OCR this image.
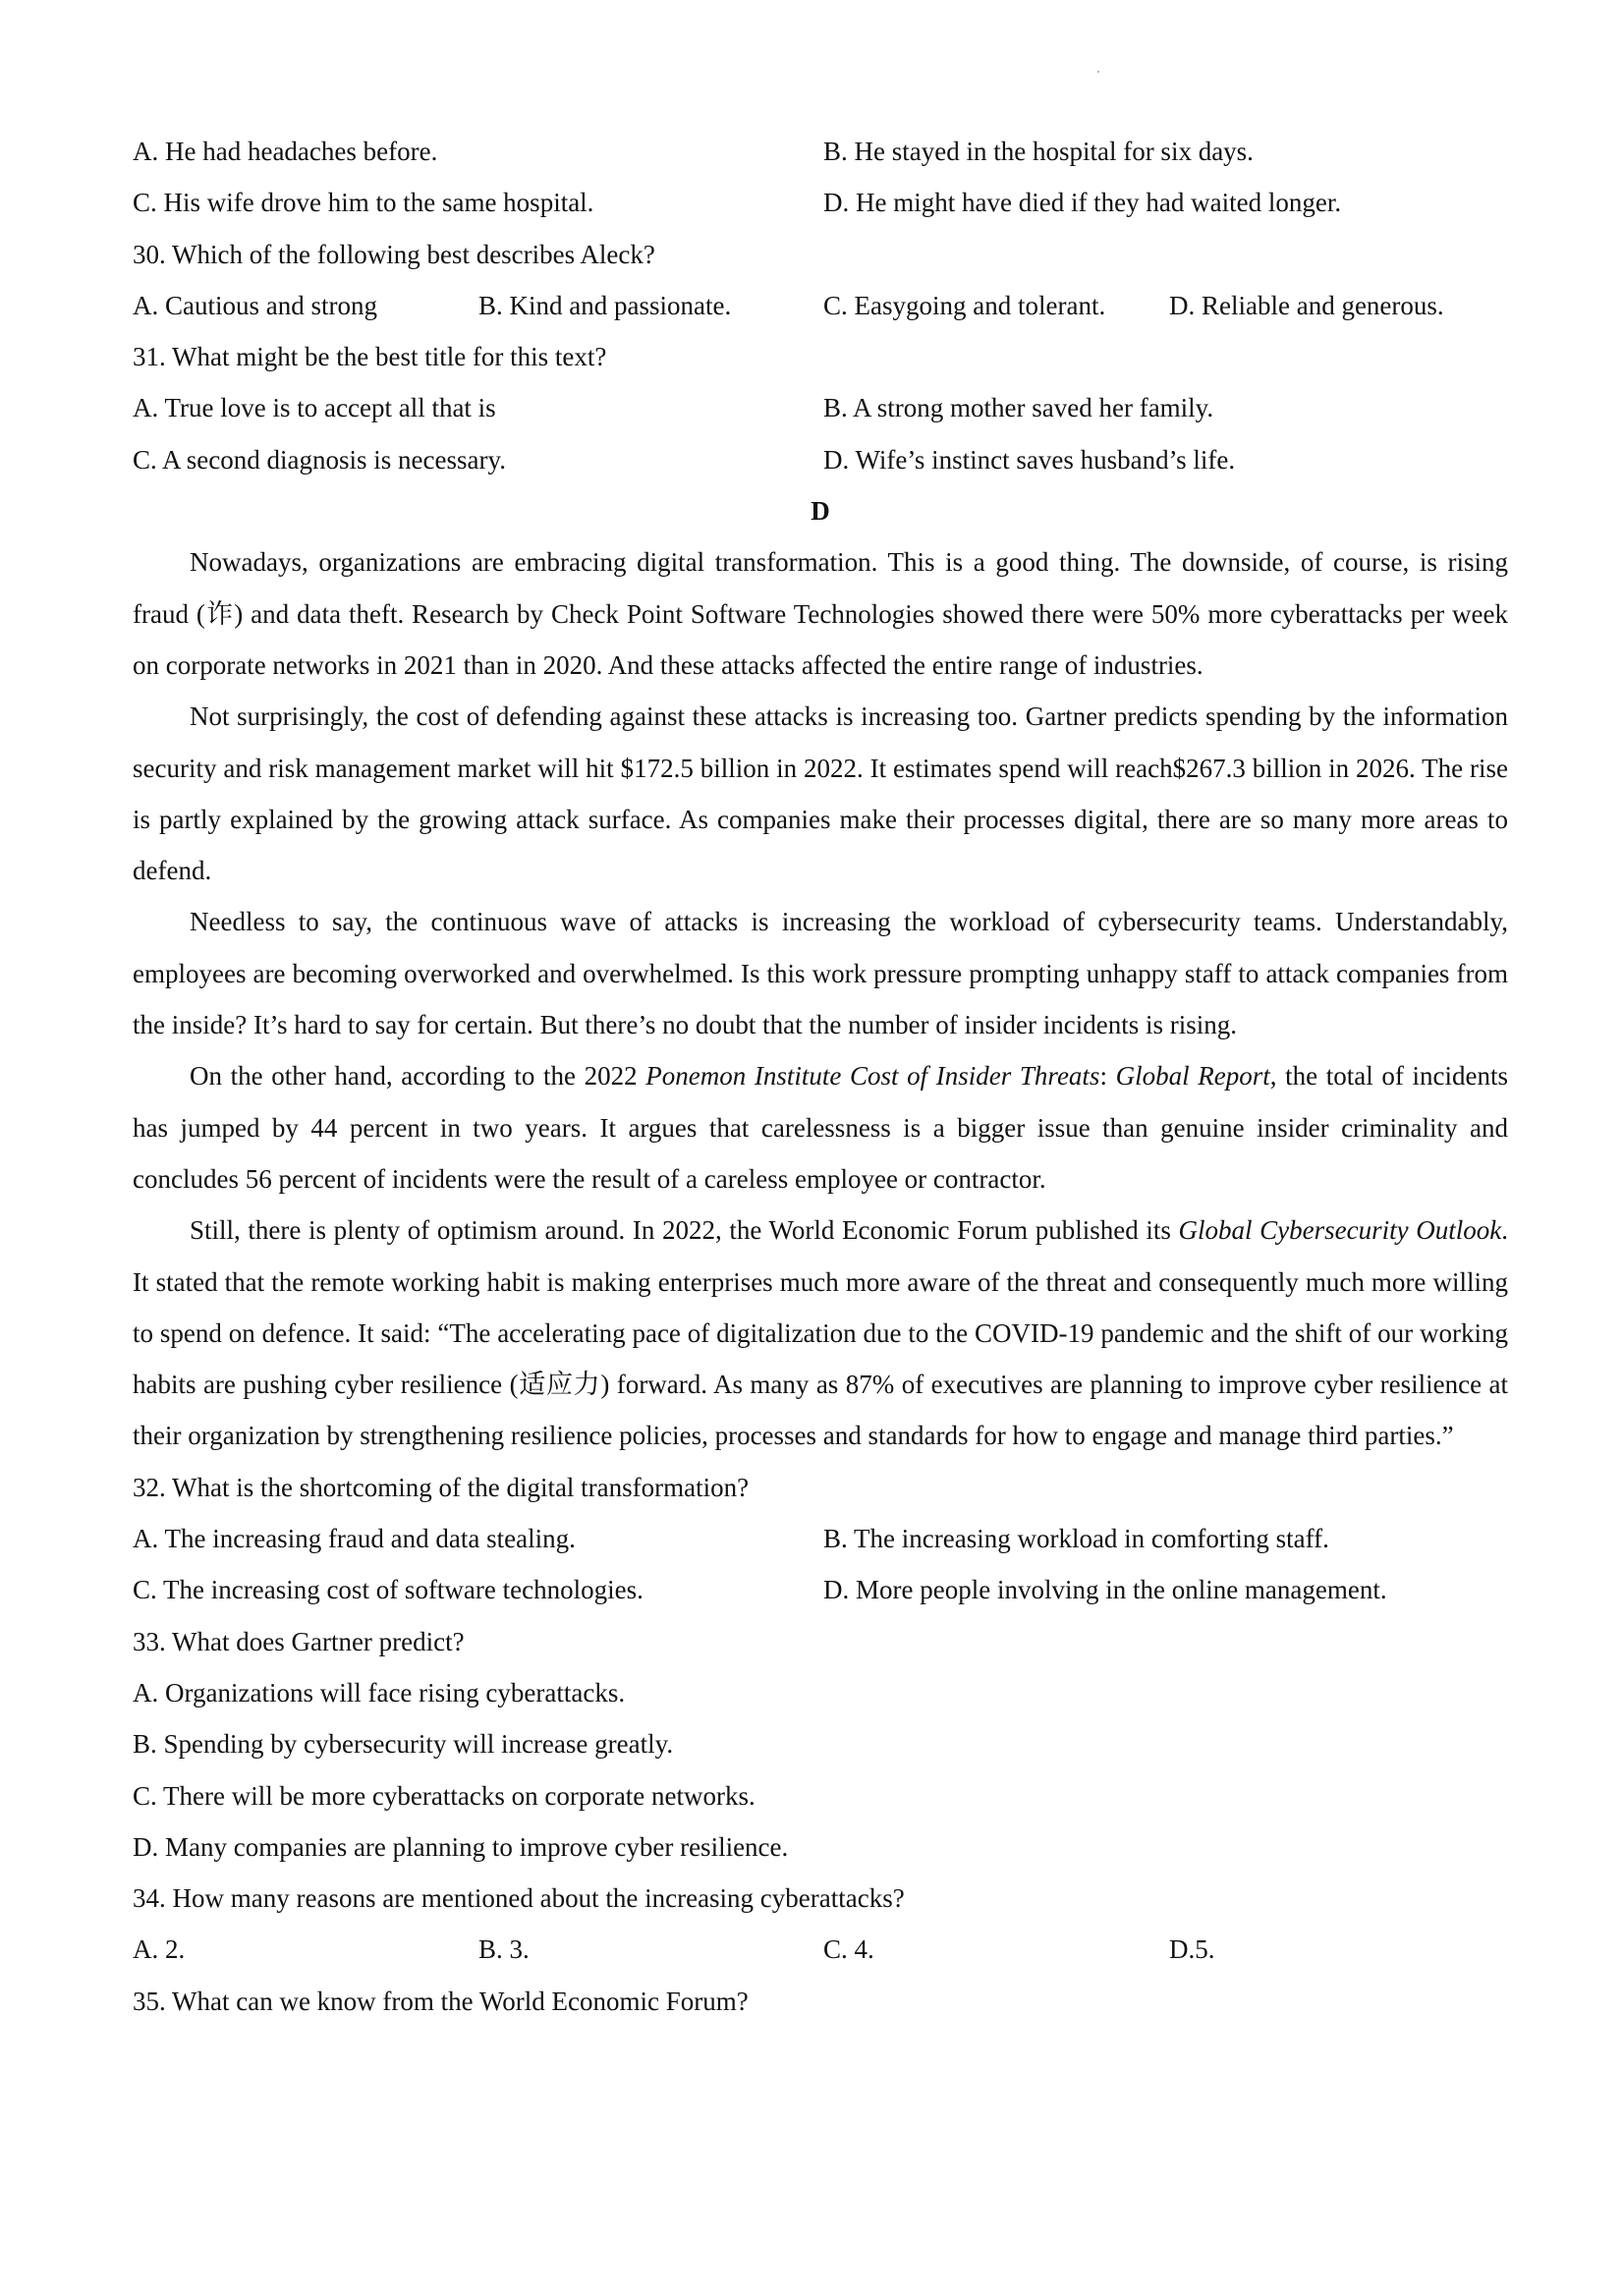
A. He had headaches before.	B. He stayed in the hospital for six days.
C. His wife drove him to the same hospital.	D. He might have died if they had waited longer.
30. Which of the following best describes Aleck?
A. Cautious and strong	B. Kind and passionate.	C. Easygoing and tolerant. D. Reliable and generous.
31. What might be the best title for this text?
A. True love is to accept all that is	B. A strong mother saved her family.
C. A second diagnosis is necessary.	D. Wife’s instinct saves husband’s life.
D

Nowadays, organizations are embracing digital transformation. This is a good thing. The downside, of course, is rising fraud (诈) and data theft. Research by Check Point Software Technologies showed there were 50% more cyberattacks per week on corporate networks in 2021 than in 2020. And these attacks affected the entire range of industries.

Not surprisingly, the cost of defending against these attacks is increasing too. Gartner predicts spending by the information security and risk management market will hit $172.5 billion in 2022. It estimates spend will reach$267.3 billion in 2026. The rise is partly explained by the growing attack surface. As companies make their processes digital, there are so many more areas to defend.

Needless to say, the continuous wave of attacks is increasing the workload of cybersecurity teams. Understandably, employees are becoming overworked and overwhelmed. Is this work pressure prompting unhappy staff to attack companies from the inside? It’s hard to say for certain. But there’s no doubt that the number of insider incidents is rising.

On the other hand, according to the 2022 Ponemon Institute Cost of Insider Threats: Global Report, the total of incidents has jumped by 44 percent in two years. It argues that carelessness is a bigger issue than genuine insider criminality and concludes 56 percent of incidents were the result of a careless employee or contractor.

Still, there is plenty of optimism around. In 2022, the World Economic Forum published its Global Cybersecurity Outlook. It stated that the remote working habit is making enterprises much more aware of the threat and consequently much more willing to spend on defence. It said: “The accelerating pace of digitalization due to the COVID-19 pandemic and the shift of our working habits are pushing cyber resilience (适应力) forward. As many as 87% of executives are planning to improve cyber resilience at their organization by strengthening resilience policies, processes and standards for how to engage and manage third parties.”

32. What is the shortcoming of the digital transformation?
A. The increasing fraud and data stealing.	B. The increasing workload in comforting staff.
C. The increasing cost of software technologies.	D. More people involving in the online management.
33. What does Gartner predict?
A. Organizations will face rising cyberattacks.
B. Spending by cybersecurity will increase greatly.
C. There will be more cyberattacks on corporate networks.
D. Many companies are planning to improve cyber resilience.
34. How many reasons are mentioned about the increasing cyberattacks?
A. 2.	B. 3.	C. 4.	D.5.
35. What can we know from the World Economic Forum?
